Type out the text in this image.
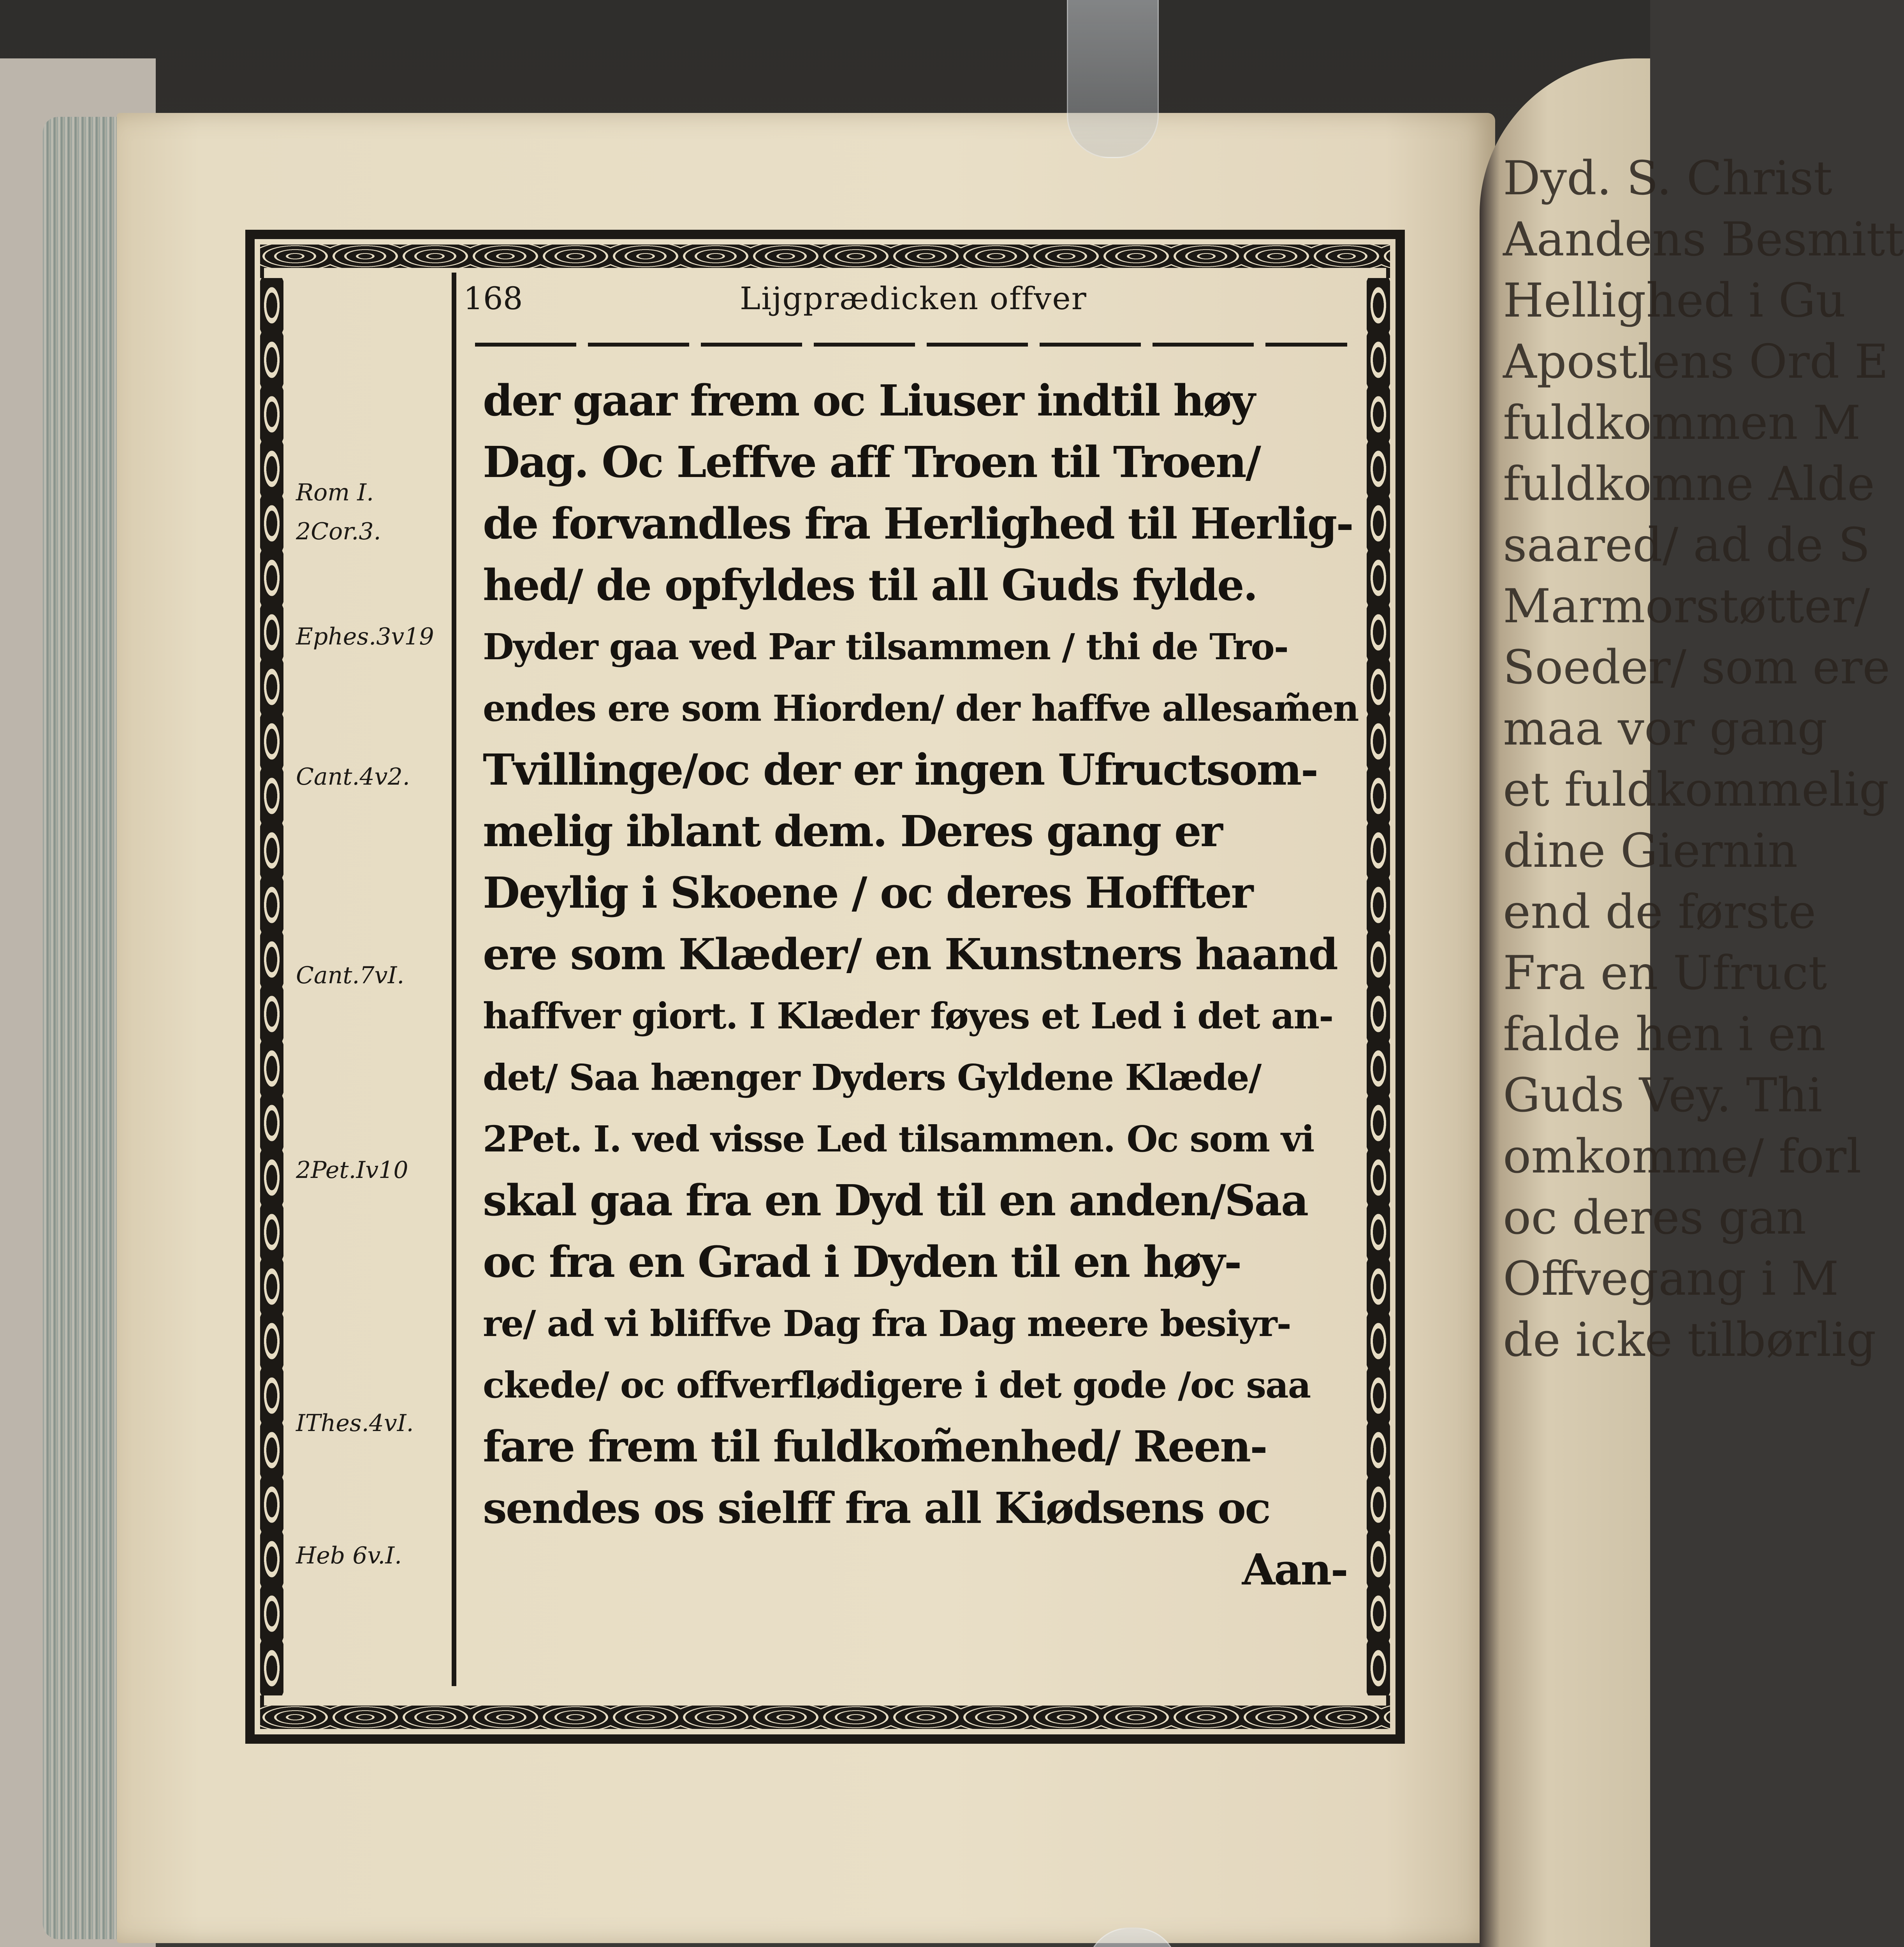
Dyd. S. Christ
Aandens Besmitt
Hellighed i Gu
Apostlens Ord E
fuldkommen M
fuldkomne Alde
saared/ ad de S
Marmorstøtter/
Soeder/ som ere
maa vor gang
et fuldkommelig
dine Giernin
end de første
Fra en Ufruct
falde hen i en
Guds Vey. Thi
omkomme/ forl
oc deres gan
Offvegang i M
de icke tilbørlig
168	Lijgprædicken offver
Rom I.
2Cor.3.
Ephes.3v19
Cant.4v2.
Cant.7vI.
2Pet.Iv10
IThes.4vI.
Heb 6v.I.
der gaar frem oc Liuser indtil høy
Dag. Oc Leffve aff Troen til Troen/
de forvandles fra Herlighed til Herlig-
hed/ de opfyldes til all Guds fylde.
Dyder gaa ved Par tilsammen / thi de Tro-
endes ere som Hiorden/ der haffve allesam̃en
Tvillinge/oc der er ingen Ufructsom-
melig iblant dem. Deres gang er
Deylig i Skoene / oc deres Hoffter
ere som Klæder/ en Kunstners haand
haffver giort. I Klæder føyes et Led i det an-
det/ Saa hænger Dyders Gyldene Klæde/
2Pet. I. ved visse Led tilsammen. Oc som vi
skal gaa fra en Dyd til en anden/Saa
oc fra en Grad i Dyden til en høy-
re/ ad vi bliffve Dag fra Dag meere besiyr-
ckede/ oc offverflødigere i det gode /oc saa
fare frem til fuldkom̃enhed/ Reen-
sendes os sielff fra all Kiødsens oc
Aan-
